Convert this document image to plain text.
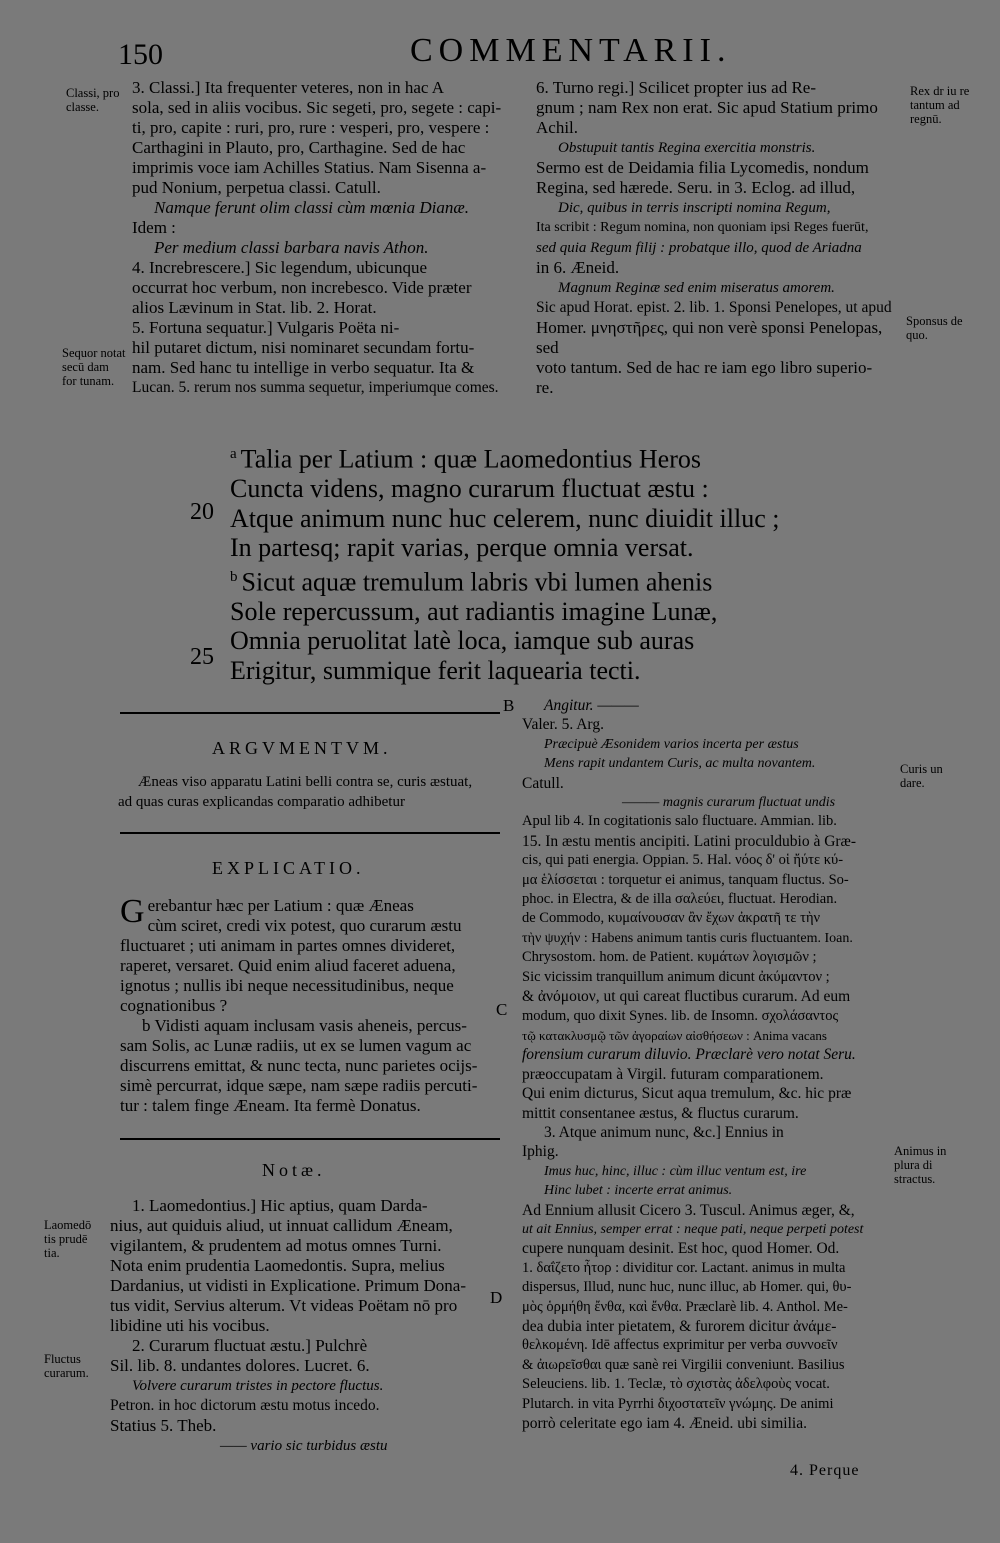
150	COMMENTARII.

3. Classi.] Ita frequenter veteres, non in hac A

sola, sed in aliis vocibus. Sic segeti, pro, segete : capi-

ti, pro, capite : ruri, pro, rure : vesperi, pro, vespere :

Carthagini in Plauto, pro, Carthagine. Sed de hac

imprimis voce iam Achilles Statius. Nam Sisenna a-

pud Nonium, perpetua classi. Catull.

Namque ferunt olim classi cùm mœnia Dianæ.

Idem :

Per medium classi barbara navis Athon.

4. Increbrescere.] Sic legendum, ubicunque

occurrat hoc verbum, non increbesco. Vide præter

alios Lævinum in Stat. lib. 2. Horat.

5. Fortuna sequatur.] Vulgaris Poëta ni-

hil putaret dictum, nisi nominaret secundam fortu-

nam. Sed hanc tu intellige in verbo sequatur. Ita &

Lucan. 5. rerum nos summa sequetur, imperiumque comes.

6. Turno regi.] Scilicet propter ius ad Re-

gnum ; nam Rex non erat. Sic apud Statium primo

Achil.

Obstupuit tantis Regina exercitia monstris.

Sermo est de Deidamia filia Lycomedis, nondum

Regina, sed hærede. Seru. in 3. Eclog. ad illud,

Dic, quibus in terris inscripti nomina Regum,

Ita scribit : Regum nomina, non quoniam ipsi Reges fuerūt,

sed quia Regum filij : probatque illo, quod de Ariadna

in 6. Æneid.

Magnum Reginæ sed enim miseratus amorem.

Sic apud Horat. epist. 2. lib. 1. Sponsi Penelopes, ut apud

Homer. μνηστῆρες, qui non verè sponsi Penelopas, sed

voto tantum. Sed de hac re iam ego libro superio-

re.

Classi, pro classe.
Sequor notat secū dam for tunam.
Rex dr iu re tantum ad regnū.
Sponsus de quo.
Curis un dare.
Laomedō tis prudē tia.
Animus in plura di stractus.
Fluctus curarum.
$^a$ Talia per Latium : quæ Laomedontius Heros
Cuncta videns, magno curarum fluctuat æstu :
Atque animum nunc huc celerem, nunc diuidit illuc ;
In partesq; rapit varias, perque omnia versat.
$^b$ Sicut aquæ tremulum labris vbi lumen ahenis
Sole repercussum, aut radiantis imagine Lunæ,
Omnia peruolitat latè loca, iamque sub auras
Erigitur, summique ferit laquearia tecti.
20
25
B
C
D
ARGVMENTVM.

Æneas viso apparatu Latini belli contra se, curis æstuat,

ad quas curas explicandas comparatio adhibetur

EXPLICATIO.

Gerebantur hæc per Latium : quæ Æneas

cùm sciret, credi vix potest, quo curarum æstu

fluctuaret ; uti animam in partes omnes divideret,

raperet, versaret. Quid enim aliud faceret aduena,

ignotus ; nullis ibi neque necessitudinibus, neque

cognationibus ?

b Vidisti aquam inclusam vasis aheneis, percus-

sam Solis, ac Lunæ radiis, ut ex se lumen vagum ac

discurrens emittat, & nunc tecta, nunc parietes ocijs-

simè percurrat, idque sæpe, nam sæpe radiis percuti-

tur : talem finge Æneam. Ita fermè Donatus.

Notæ.

1. Laomedontius.] Hic aptius, quam Darda-

nius, aut quiduis aliud, ut innuat callidum Æneam,

vigilantem, & prudentem ad motus omnes Turni.

Nota enim prudentia Laomedontis. Supra, melius

Dardanius, ut vidisti in Explicatione. Primum Dona-

tus vidit, Servius alterum. Vt videas Poëtam nō pro

libidine uti his vocibus.

2. Curarum fluctuat æstu.] Pulchrè

Sil. lib. 8. undantes dolores. Lucret. 6.

Volvere curarum tristes in pectore fluctus.

Petron. in hoc dictorum æstu motus incedo.

Statius 5. Theb.

—— vario sic turbidus æstu

Angitur. ———

Valer. 5. Arg.

Præcipuè Æsonidem varios incerta per æstus

Mens rapit undantem Curis, ac multa novantem.

Catull.

——— magnis curarum fluctuat undis

Apul lib 4. In cogitationis salo fluctuare. Ammian. lib.

15. In æstu mentis ancipiti. Latini proculdubio à Græ-

cis, qui pati energia. Oppian. 5. Hal. νόος δ' οἱ ἤύτε κύ-

μα ἑλίσσεται : torquetur ei animus, tanquam fluctus. So-

phoc. in Electra, & de illa σαλεύει, fluctuat. Herodian.

de Commodo, κυμαίνουσαν ἂν ἔχων ἀκρατῆ τε τὴν

τὴν ψυχήν : Habens animum tantis curis fluctuantem. Ioan.

Chrysostom. hom. de Patient. κυμάτων λογισμῶν ;

Sic vicissim tranquillum animum dicunt ἀκύμαντον ;

& ἀνόμοιον, ut qui careat fluctibus curarum. Ad eum

modum, quo dixit Synes. lib. de Insomn. σχολάσαντος

τῷ κατακλυσμῷ τῶν ἀγοραίων αἰσθήσεων : Anima vacans

forensium curarum diluvio. Præclarè vero notat Seru.

præoccupatam à Virgil. futuram comparationem.

Qui enim dicturus, Sicut aqua tremulum, &c. hic præ

mittit consentanee æstus, & fluctus curarum.

3. Atque animum nunc, &c.] Ennius in

Iphig.

Imus huc, hinc, illuc : cùm illuc ventum est, ire

Hinc lubet : incerte errat animus.

Ad Ennium allusit Cicero 3. Tuscul. Animus æger, &,

ut ait Ennius, semper errat : neque pati, neque perpeti potest

cupere nunquam desinit. Est hoc, quod Homer. Od.

1. δαΐζετο ἦτορ : dividitur cor. Lactant. animus in multa

dispersus, Illud, nunc huc, nunc illuc, ab Homer. qui, θυ-

μὸς ὁρμήθη ἔνθα, καὶ ἔνθα. Præclarè lib. 4. Anthol. Me-

dea dubia inter pietatem, & furorem dicitur ἀνάμε-

θελκομένη. Idē affectus exprimitur per verba συννοεῖν

& ἀιωρεῖσθαι quæ sanè rei Virgilii conveniunt. Basilius

Seleuciens. lib. 1. Teclæ, τὸ σχιστὰς ἀδελφοὺς vocat.

Plutarch. in vita Pyrrhi διχοστατεῖν γνώμης. De animi

porrò celeritate ego iam 4. Æneid. ubi similia.

4. Perque
